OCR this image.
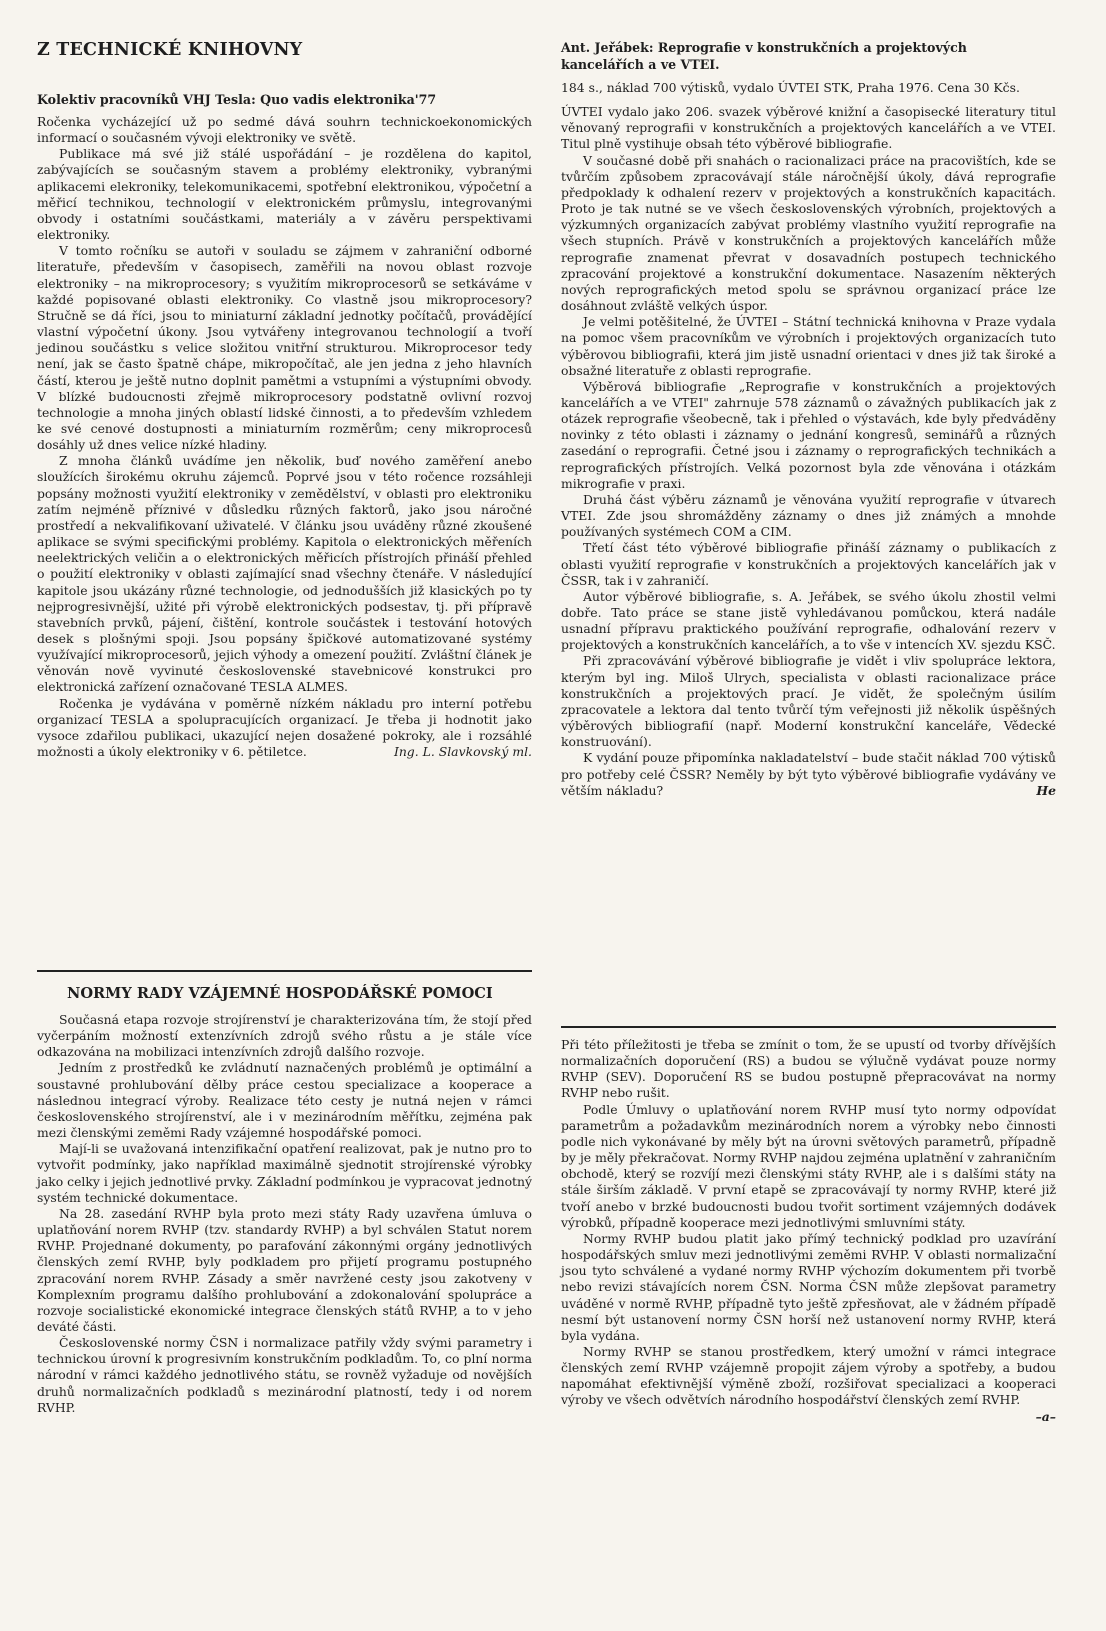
Z TECHNICKÉ KNIHOVNY
Kolektiv pracovníků VHJ Tesla: Quo vadis elektronika'77

Ročenka vycházející už po sedmé dává souhrn technickoekonomických informací o současném vývoji elektroniky ve světě.

Publikace má své již stálé uspořádání – je rozdělena do kapitol, zabývajících se současným stavem a problémy elektroniky, vybranými aplikacemi elekroniky, telekomunikacemi, spotřební elektronikou, výpočetní a měřicí technikou, technologií v elektronickém průmyslu, integrovanými obvody i ostatními součástkami, materiály a v závěru perspektivami elektroniky.

V tomto ročníku se autoři v souladu se zájmem v zahraniční odborné literatuře, především v časopisech, zaměřili na novou oblast rozvoje elektroniky – na mikroprocesory; s využitím mikroprocesorů se setkáváme v každé popisované oblasti elektroniky. Co vlastně jsou mikroprocesory? Stručně se dá říci, jsou to miniaturní základní jednotky počítačů, provádějící vlastní výpočetní úkony. Jsou vytvářeny integrovanou technologií a tvoří jedinou součástku s velice složitou vnitřní strukturou. Mikroprocesor tedy není, jak se často špatně chápe, mikropočítač, ale jen jedna z jeho hlavních částí, kterou je ještě nutno doplnit pamětmi a vstupními a výstupními obvody. V blízké budoucnosti zřejmě mikroprocesory podstatně ovlivní rozvoj technologie a mnoha jiných oblastí lidské činnosti, a to především vzhledem ke své cenové dostupnosti a miniaturním rozměrům; ceny mikroprocesů dosáhly už dnes velice nízké hladiny.

Z mnoha článků uvádíme jen několik, buď nového zaměření anebo sloužících širokému okruhu zájemců. Poprvé jsou v této ročence rozsáhleji popsány možnosti využití elektroniky v zemědělství, v oblasti pro elektroniku zatím nejméně příznivé v důsledku různých faktorů, jako jsou náročné prostředí a nekvalifikovaní uživatelé. V článku jsou uváděny různé zkoušené aplikace se svými specifickými problémy. Kapitola o elektronických měřeních neelektrických veličin a o elektronických měřicích přístrojích přináší přehled o použití elektroniky v oblasti zajímající snad všechny čtenáře. V následující kapitole jsou ukázány různé technologie, od jednodušších již klasických po ty nejprogresivnější, užité při výrobě elektronických podsestav, tj. při přípravě stavebních prvků, pájení, čištění, kontrole součástek i testování hotových desek s plošnými spoji. Jsou popsány špičkové automatizované systémy využívající mikroprocesorů, jejich výhody a omezení použití. Zvláštní článek je věnován nově vyvinuté československé stavebnicové konstrukci pro elektronická zařízení označované TESLA ALMES.

Ročenka je vydávána v poměrně nízkém nákladu pro interní potřebu organizací TESLA a spolupracujících organizací. Je třeba ji hodnotit jako vysoce zdařilou publikaci, ukazující nejen dosažené pokroky, ale i rozsáhlé možnosti a úkoly elektroniky v 6. pětiletce.	Ing. L. Slavkovský ml.

NORMY RADY VZÁJEMNÉ HOSPODÁŘSKÉ POMOCI

Současná etapa rozvoje strojírenství je charakterizována tím, že stojí před vyčerpáním možností extenzívních zdrojů svého růstu a je stále více odkazována na mobilizaci intenzívních zdrojů dalšího rozvoje.

Jedním z prostředků ke zvládnutí naznačených problémů je optimální a soustavné prohlubování dělby práce cestou specializace a kooperace a následnou integrací výroby. Realizace této cesty je nutná nejen v rámci československého strojírenství, ale i v mezinárodním měřítku, zejména pak mezi členskými zeměmi Rady vzájemné hospodářské pomoci.

Mají-li se uvažovaná intenzifikační opatření realizovat, pak je nutno pro to vytvořit podmínky, jako například maximálně sjednotit strojírenské výrobky jako celky i jejich jednotlivé prvky. Základní podmínkou je vypracovat jednotný systém technické dokumentace.

Na 28. zasedání RVHP byla proto mezi státy Rady uzavřena úmluva o uplatňování norem RVHP (tzv. standardy RVHP) a byl schválen Statut norem RVHP. Projednané dokumenty, po parafování zákonnými orgány jednotlivých členských zemí RVHP, byly podkladem pro přijetí programu postupného zpracování norem RVHP. Zásady a směr navržené cesty jsou zakotveny v Komplexním programu dalšího prohlubování a zdokonalování spolupráce a rozvoje socialistické ekonomické integrace členských států RVHP, a to v jeho deváté části.

Československé normy ČSN i normalizace patřily vždy svými parametry i technickou úrovní k progresivním konstrukčním podkladům. To, co plní norma národní v rámci každého jednotlivého státu, se rovněž vyžaduje od novějších druhů normalizačních podkladů s mezinárodní platností, tedy i od norem RVHP.

Ant. Jeřábek: Reprografie v konstrukčních a projektových
kancelářích a ve VTEI.

184 s., náklad 700 výtisků, vydalo ÚVTEI STK, Praha 1976. Cena 30 Kčs.

ÚVTEI vydalo jako 206. svazek výběrové knižní a časopisecké literatury titul věnovaný reprografii v konstrukčních a projektových kancelářích a ve VTEI. Titul plně vystihuje obsah této výběrové bibliografie.

V současné době při snahách o racionalizaci práce na pracovištích, kde se tvůrčím způsobem zpracovávají stále náročnější úkoly, dává reprografie předpoklady k odhalení rezerv v projektových a konstrukčních kapacitách. Proto je tak nutné se ve všech československých výrobních, projektových a výzkumných organizacích zabývat problémy vlastního využití reprografie na všech stupních. Právě v konstrukčních a projektových kancelářích může reprografie znamenat převrat v dosavadních postupech technického zpracování projektové a konstrukční dokumentace. Nasazením některých nových reprografických metod spolu se správnou organizací práce lze dosáhnout zvláště velkých úspor.

Je velmi potěšitelné, že ÚVTEI – Státní technická knihovna v Praze vydala na pomoc všem pracovníkům ve výrobních i projektových organizacích tuto výběrovou bibliografii, která jim jistě usnadní orientaci v dnes již tak široké a obsažné literatuře z oblasti reprografie.

Výběrová bibliografie „Reprografie v konstrukčních a projektových kancelářích a ve VTEI" zahrnuje 578 záznamů o závažných publikacích jak z otázek reprografie všeobecně, tak i přehled o výstavách, kde byly předváděny novinky z této oblasti i záznamy o jednání kongresů, seminářů a různých zasedání o reprografii. Četné jsou i záznamy o reprografických technikách a reprografických přístrojích. Velká pozornost byla zde věnována i otázkám mikrografie v praxi.

Druhá část výběru záznamů je věnována využití reprografie v útvarech VTEI. Zde jsou shromážděny záznamy o dnes již známých a mnohde používaných systémech COM a CIM.

Třetí část této výběrové bibliografie přináší záznamy o publikacích z oblasti využití reprografie v konstrukčních a projektových kancelářích jak v ČSSR, tak i v zahraničí.

Autor výběrové bibliografie, s. A. Jeřábek, se svého úkolu zhostil velmi dobře. Tato práce se stane jistě vyhledávanou pomůckou, která nadále usnadní přípravu praktického používání reprografie, odhalování rezerv v projektových a konstrukčních kancelářích, a to vše v intencích XV. sjezdu KSČ.

Při zpracovávání výběrové bibliografie je vidět i vliv spolupráce lektora, kterým byl ing. Miloš Ulrych, specialista v oblasti racionalizace práce konstrukčních a projektových prací. Je vidět, že společným úsilím zpracovatele a lektora dal tento tvůrčí tým veřejnosti již několik úspěšných výběrových bibliografií (např. Moderní konstrukční kanceláře, Vědecké konstruování).

K vydání pouze připomínka nakladatelství – bude stačit náklad 700 výtisků pro potřeby celé ČSSR? Neměly by být tyto výběrové bibliografie vydávány ve větším nákladu?	He

Při této příležitosti je třeba se zmínit o tom, že se upustí od tvorby dřívějších normalizačních doporučení (RS) a budou se výlučně vydávat pouze normy RVHP (SEV). Doporučení RS se budou postupně přepracovávat na normy RVHP nebo rušit.

Podle Úmluvy o uplatňování norem RVHP musí tyto normy odpovídat parametrům a požadavkům mezinárodních norem a výrobky nebo činnosti podle nich vykonávané by měly být na úrovni světových parametrů, případně by je měly překračovat. Normy RVHP najdou zejména uplatnění v zahraničním obchodě, který se rozvíjí mezi členskými státy RVHP, ale i s dalšími státy na stále širším základě. V první etapě se zpracovávají ty normy RVHP, které již tvoří anebo v brzké budoucnosti budou tvořit sortiment vzájemných dodávek výrobků, případně kooperace mezi jednotlivými smluvními státy.

Normy RVHP budou platit jako přímý technický podklad pro uzavírání hospodářských smluv mezi jednotlivými zeměmi RVHP. V oblasti normalizační jsou tyto schválené a vydané normy RVHP výchozím dokumentem při tvorbě nebo revizi stávajících norem ČSN. Norma ČSN může zlepšovat parametry uváděné v normě RVHP, případně tyto ještě zpřesňovat, ale v žádném případě nesmí být ustanovení normy ČSN horší než ustanovení normy RVHP, která byla vydána.

Normy RVHP se stanou prostředkem, který umožní v rámci integrace členských zemí RVHP vzájemně propojit zájem výroby a spotřeby, a budou napomáhat efektivnější výměně zboží, rozšiřovat specializaci a kooperaci výroby ve všech odvětvích národního hospodářství členských zemí RVHP.
–a–
